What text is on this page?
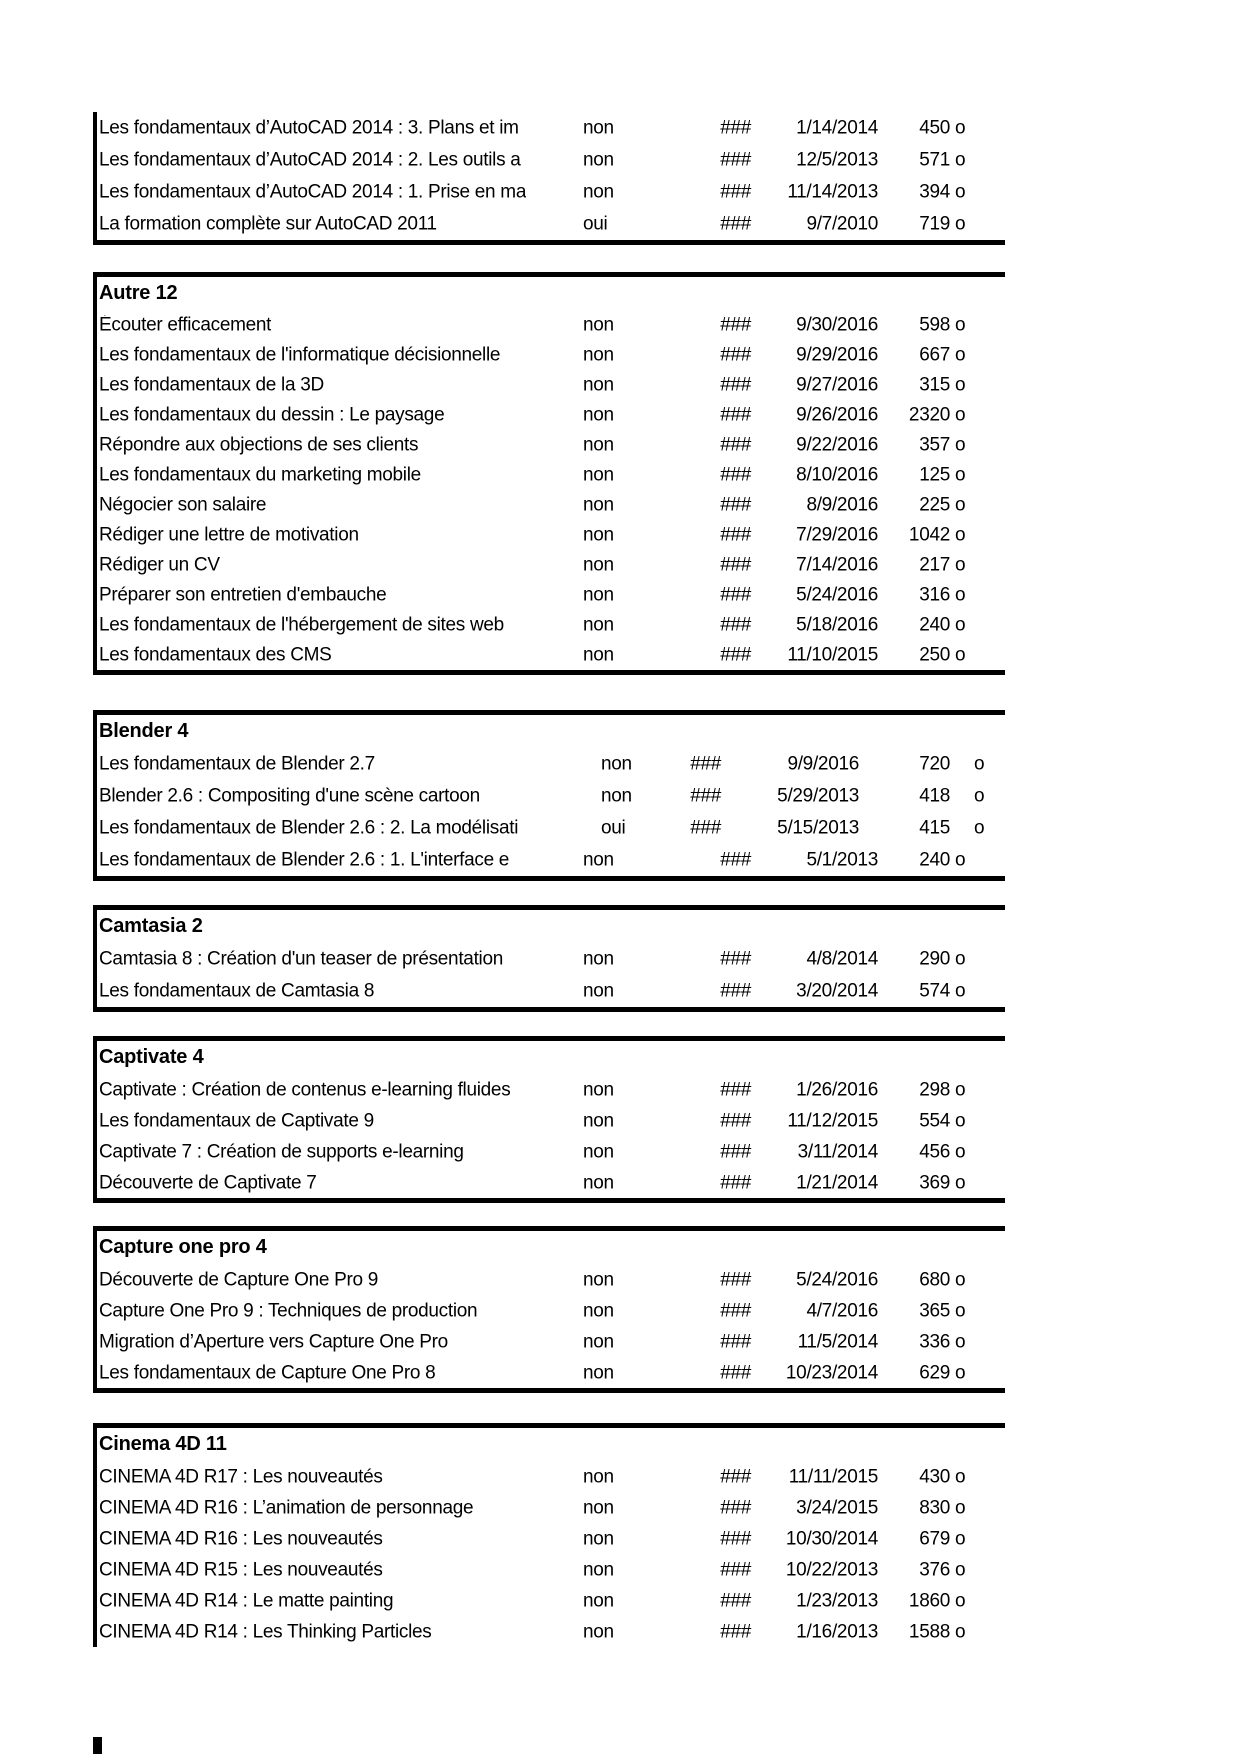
Les fondamentaux d’AutoCAD 2014 : 3. Plans et im	non	###	1/14/2014	450 o
Les fondamentaux d’AutoCAD 2014 : 2. Les outils a	non	###	12/5/2013	571 o
Les fondamentaux d’AutoCAD 2014 : 1. Prise en ma	non	###	11/14/2013	394 o
La formation complète sur AutoCAD 2011	oui	###	9/7/2010	719 o
Autre 12
Écouter efficacement	non	###	9/30/2016	598 o
Les fondamentaux de l'informatique décisionnelle	non	###	9/29/2016	667 o
Les fondamentaux de la 3D	non	###	9/27/2016	315 o
Les fondamentaux du dessin : Le paysage	non	###	9/26/2016	2320 o
Répondre aux objections de ses clients	non	###	9/22/2016	357 o
Les fondamentaux du marketing mobile	non	###	8/10/2016	125 o
Négocier son salaire	non	###	8/9/2016	225 o
Rédiger une lettre de motivation	non	###	7/29/2016	1042 o
Rédiger un CV	non	###	7/14/2016	217 o
Préparer son entretien d'embauche	non	###	5/24/2016	316 o
Les fondamentaux de l'hébergement de sites web	non	###	5/18/2016	240 o
Les fondamentaux des CMS	non	###	11/10/2015	250 o
Blender 4
Les fondamentaux de Blender 2.7	non	###	9/9/2016	720 o
Blender 2.6 : Compositing d'une scène cartoon	non	###	5/29/2013	418 o
Les fondamentaux de Blender 2.6 : 2. La modélisati	oui	###	5/15/2013	415 o
Les fondamentaux de Blender 2.6 : 1. L'interface e	non	###	5/1/2013	240 o
Camtasia 2
Camtasia 8 : Création d'un teaser de présentation	non	###	4/8/2014	290 o
Les fondamentaux de Camtasia 8	non	###	3/20/2014	574 o
Captivate 4
Captivate : Création de contenus e-learning fluides	non	###	1/26/2016	298 o
Les fondamentaux de Captivate 9	non	###	11/12/2015	554 o
Captivate 7 : Création de supports e-learning	non	###	3/11/2014	456 o
Découverte de Captivate 7	non	###	1/21/2014	369 o
Capture one pro 4
Découverte de Capture One Pro 9	non	###	5/24/2016	680 o
Capture One Pro 9 : Techniques de production	non	###	4/7/2016	365 o
Migration d’Aperture vers Capture One Pro	non	###	11/5/2014	336 o
Les fondamentaux de Capture One Pro 8	non	###	10/23/2014	629 o
Cinema 4D 11
CINEMA 4D R17 : Les nouveautés	non	###	11/11/2015	430 o
CINEMA 4D R16 : L’animation de personnage	non	###	3/24/2015	830 o
CINEMA 4D R16 : Les nouveautés	non	###	10/30/2014	679 o
CINEMA 4D R15 : Les nouveautés	non	###	10/22/2013	376 o
CINEMA 4D R14 : Le matte painting	non	###	1/23/2013	1860 o
CINEMA 4D R14 : Les Thinking Particles	non	###	1/16/2013	1588 o
